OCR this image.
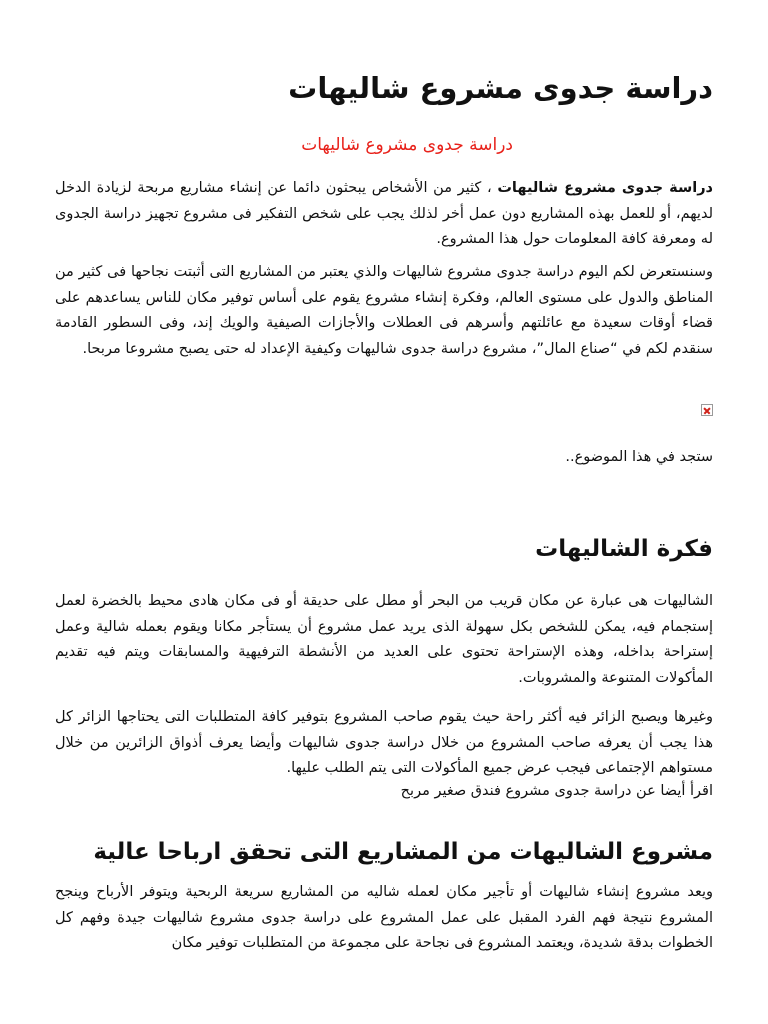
دراسة جدوى مشروع شاليهات

دراسة جدوى مشروع شاليهات

دراسة جدوى مشروع شاليهات ، كثير من الأشخاص يبحثون دائما عن إنشاء مشاريع مربحة لزيادة الدخل لديهم، أو للعمل بهذه المشاريع دون عمل أخر لذلك يجب على شخص التفكير فى مشروع تجهيز دراسة الجدوى له ومعرفة كافة المعلومات حول هذا المشروع.

وسنستعرض لكم اليوم دراسة جدوى مشروع شاليهات والذي يعتبر من المشاريع التى أثبتت نجاحها فى كثير من المناطق والدول على مستوى العالم، وفكرة إنشاء مشروع يقوم على أساس توفير مكان للناس يساعدهم على قضاء أوقات سعيدة مع عائلتهم وأسرهم فى العطلات والأجازات الصيفية والويك إند، وفى السطور القادمة سنقدم لكم في “صناع المال”، مشروع دراسة جدوى شاليهات وكيفية الإعداد له حتى يصبح مشروعا مربحا.

ستجد في هذا الموضوع..

فكرة الشاليهات

الشاليهات هى عبارة عن مكان قريب من البحر أو مطل على حديقة أو فى مكان هادى محيط بالخضرة لعمل إستجمام فيه، يمكن للشخص بكل سهولة الذى يريد عمل مشروع أن يستأجر مكانا ويقوم بعمله شالية وعمل إستراحة بداخله، وهذه الإستراحة تحتوى على العديد من الأنشطة الترفيهية والمسابقات ويتم فيه تقديم المأكولات المتنوعة والمشروبات.

وغيرها ويصبح الزائر فيه أكثر راحة حيث يقوم صاحب المشروع بتوفير كافة المتطلبات التى يحتاجها الزائر كل هذا يجب أن يعرفه صاحب المشروع من خلال دراسة جدوى شاليهات وأيضا يعرف أذواق الزائرين من خلال مستواهم الإجتماعى فيجب عرض جميع المأكولات التى يتم الطلب عليها.

اقرأ أيضا عن دراسة جدوى مشروع فندق صغير مربح

مشروع الشاليهات من المشاريع التى تحقق ارباحا عالية

ويعد مشروع إنشاء شاليهات أو تأجير مكان لعمله شاليه من المشاريع سريعة الربحية ويتوفر الأرباح وينجح المشروع نتيجة فهم الفرد المقبل على عمل المشروع على دراسة جدوى مشروع شاليهات جيدة وفهم كل الخطوات بدقة شديدة، ويعتمد المشروع فى نجاحة على مجموعة من المتطلبات توفير مكان
